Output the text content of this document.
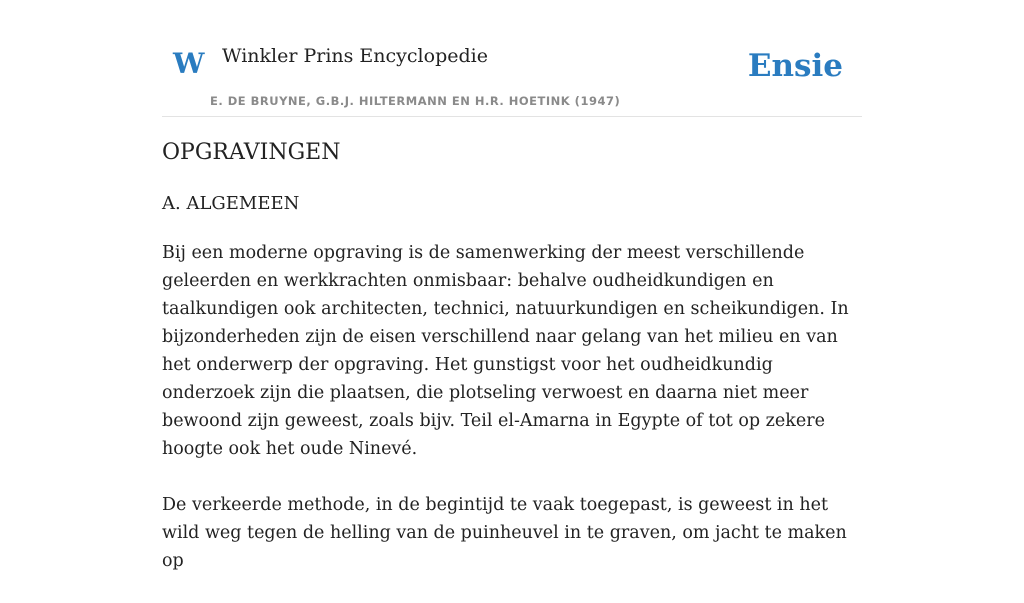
W Winkler Prins Encyclopedie
E. DE BRUYNE, G.B.J. HILTERMANN EN H.R. HOETINK (1947)
Ensie
OPGRAVINGEN
A. ALGEMEEN

Bij een moderne opgraving is de samenwerking der meest verschillende geleerden en werkkrachten onmisbaar: behalve oudheidkundigen en taalkundigen ook architecten, technici, natuurkundigen en scheikundigen. In bijzonderheden zijn de eisen verschillend naar gelang van het milieu en van het onderwerp der opgraving. Het gunstigst voor het oudheidkundig onderzoek zijn die plaatsen, die plotseling verwoest en daarna niet meer bewoond zijn geweest, zoals bijv. Teil el-Amarna in Egypte of tot op zekere hoogte ook het oude Ninevé.

De verkeerde methode, in de begintijd te vaak toegepast, is geweest in het wild weg tegen de helling van de puinheuvel in te graven, om jacht te maken op
